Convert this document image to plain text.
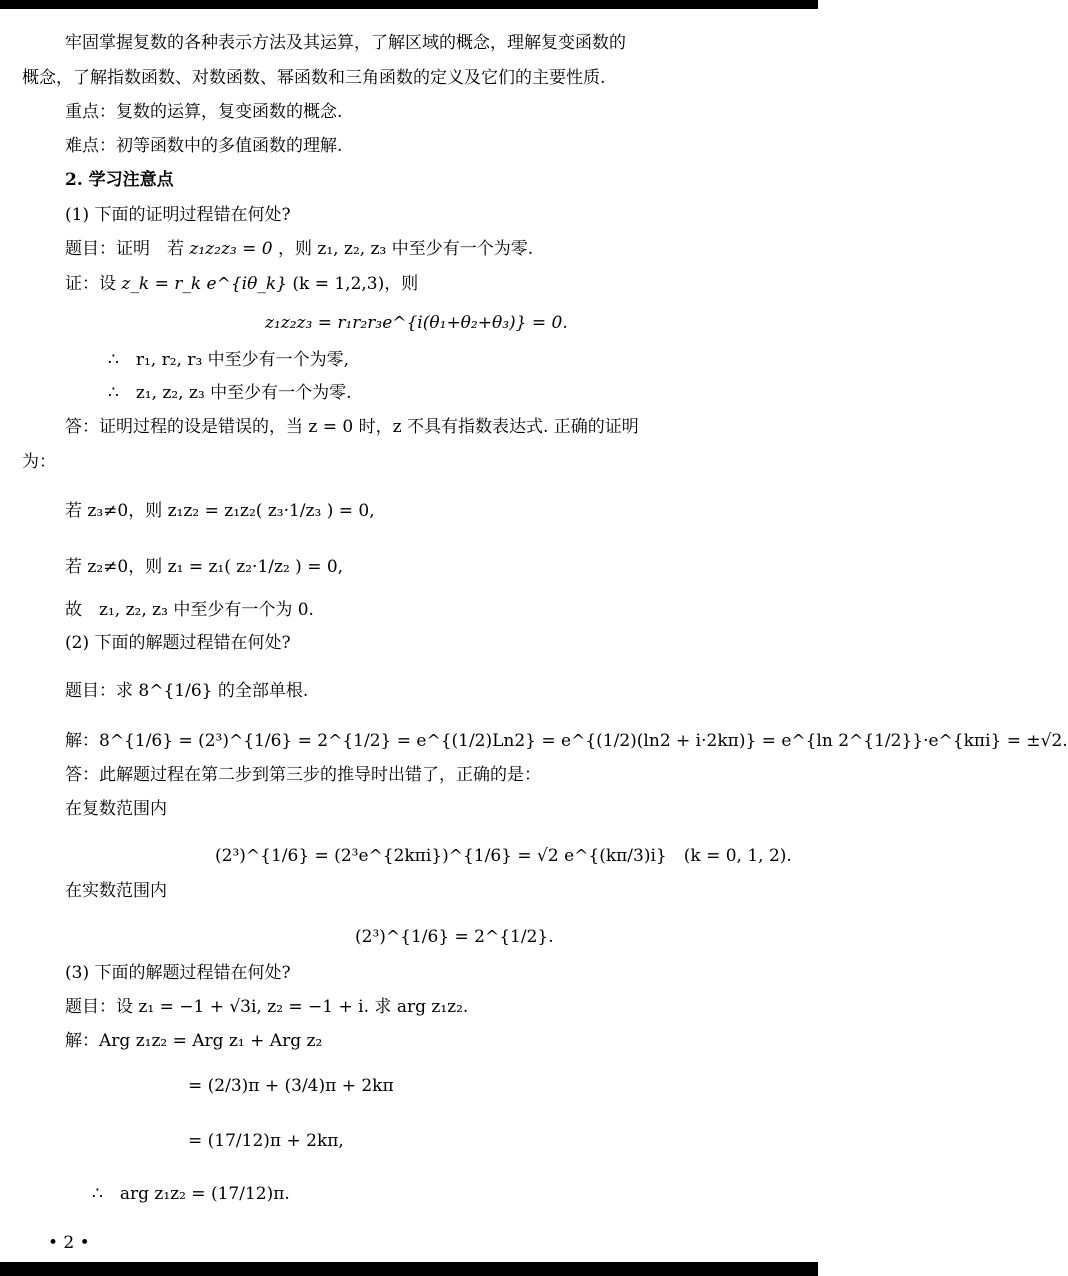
牢固掌握复数的各种表示方法及其运算，了解区域的概念，理解复变函数的
概念，了解指数函数、对数函数、幂函数和三角函数的定义及它们的主要性质.
重点：复数的运算，复变函数的概念.
难点：初等函数中的多值函数的理解.
2. 学习注意点
(1) 下面的证明过程错在何处?
题目：证明　若 z₁z₂z₃ = 0 ，则 z₁, z₂, z₃ 中至少有一个为零.
证：设 z_k = r_k e^{iθ_k} (k = 1,2,3)，则
z₁z₂z₃ = r₁r₂r₃e^{i(θ₁+θ₂+θ₃)} = 0.
∴　r₁, r₂, r₃ 中至少有一个为零,
∴　z₁, z₂, z₃ 中至少有一个为零.
答：证明过程的设是错误的，当 z = 0 时，z 不具有指数表达式. 正确的证明
为：
若 z₃≠0，则 z₁z₂ = z₁z₂( z₃·1/z₃ ) = 0,
若 z₂≠0，则 z₁ = z₁( z₂·1/z₂ ) = 0,
故　z₁, z₂, z₃ 中至少有一个为 0.
(2) 下面的解题过程错在何处?
题目：求 8^{1/6} 的全部单根.
解：8^{1/6} = (2³)^{1/6} = 2^{1/2} = e^{(1/2)Ln2} = e^{(1/2)(ln2 + i·2kπ)} = e^{ln 2^{1/2}}·e^{kπi} = ±√2.
答：此解题过程在第二步到第三步的推导时出错了，正确的是：
在复数范围内
(2³)^{1/6} = (2³e^{2kπi})^{1/6} = √2 e^{(kπ/3)i}　(k = 0, 1, 2).
在实数范围内
(2³)^{1/6} = 2^{1/2}.
(3) 下面的解题过程错在何处?
题目：设 z₁ = −1 + √3i, z₂ = −1 + i. 求 arg z₁z₂.
解：Arg z₁z₂ = Arg z₁ + Arg z₂
= (2/3)π + (3/4)π + 2kπ
= (17/12)π + 2kπ,
∴　arg z₁z₂ = (17/12)π.
• 2 •
